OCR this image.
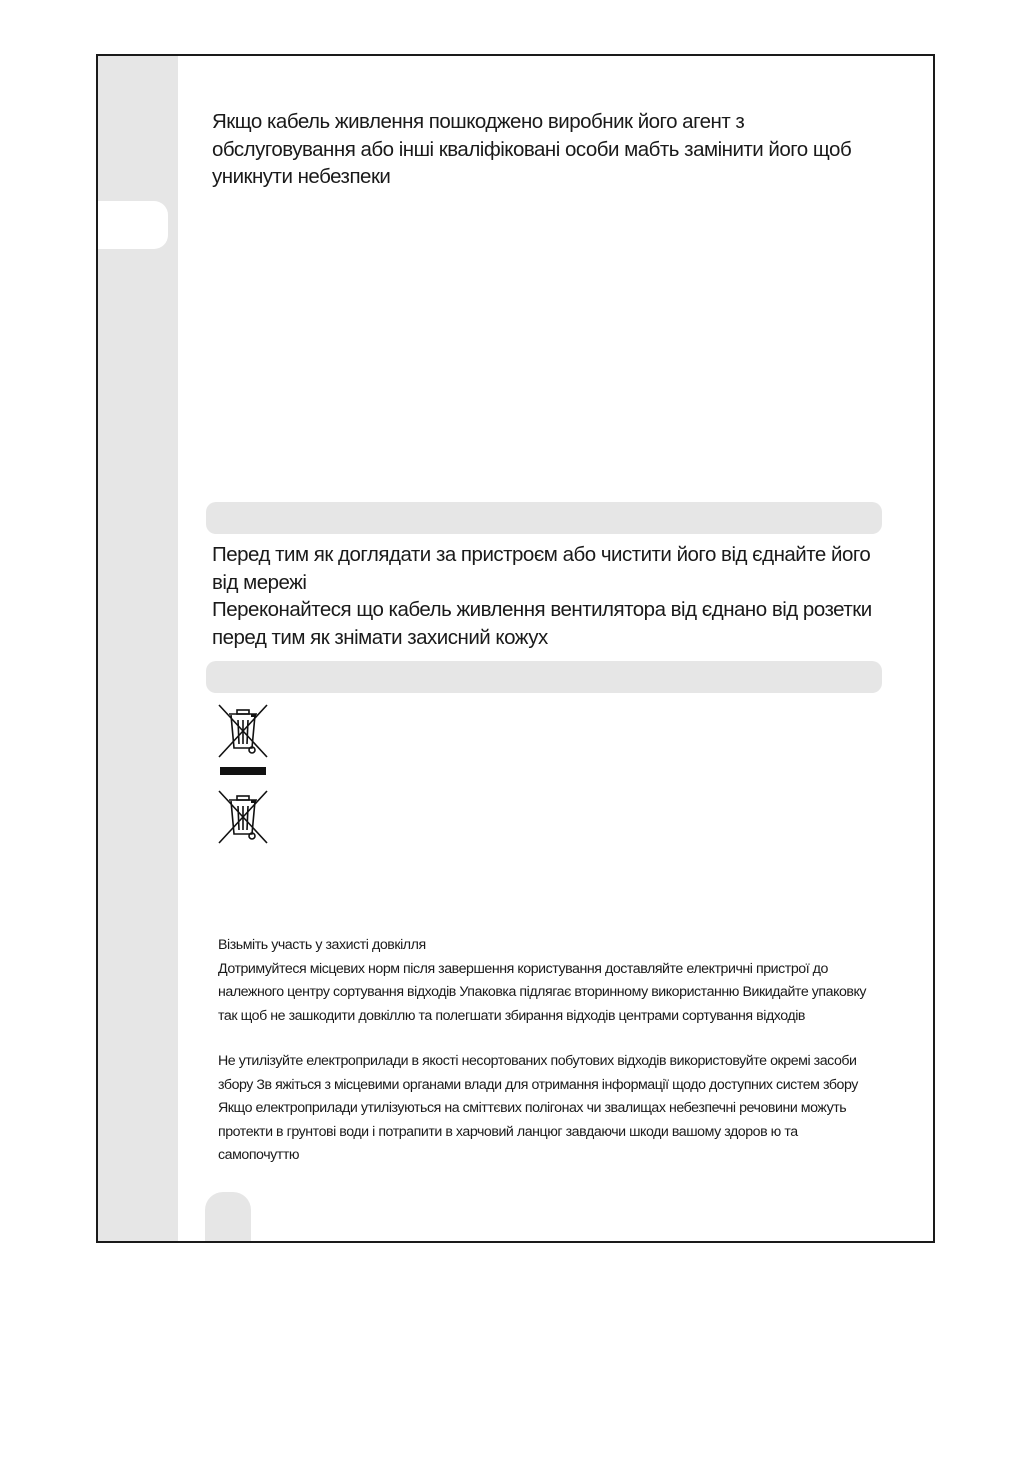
Якщо кабель живлення пошкоджено виробник його агент з обслуговування або інші кваліфіковані особи мабть замінити його щоб уникнути небезпеки

Перед тим як доглядати за пристроєм або чистити його від єднайте його від мережі

Переконайтеся що кабель живлення вентилятора від єднано від розетки перед тим як знімати захисний кожух

Візьміть участь у захисті довкілля

Дотримуйтеся місцевих норм після завершення користування доставляйте електричні пристрої до належного центру сортування відходів Упаковка підлягає вторинному використанню Викидайте упаковку так щоб не зашкодити довкіллю та полегшати збирання відходів центрами сортування відходів

Не утилізуйте електроприлади в якості несортованих побутових відходів використовуйте окремі засоби збору Зв яжіться з місцевими органами влади для отримання інформації щодо доступних систем збору Якщо електроприлади утилізуються на сміттєвих полігонах чи звалищах небезпечні речовини можуть протекти в грунтові води і потрапити в харчовий ланцюг завдаючи шкоди вашому здоров ю та самопочуттю
